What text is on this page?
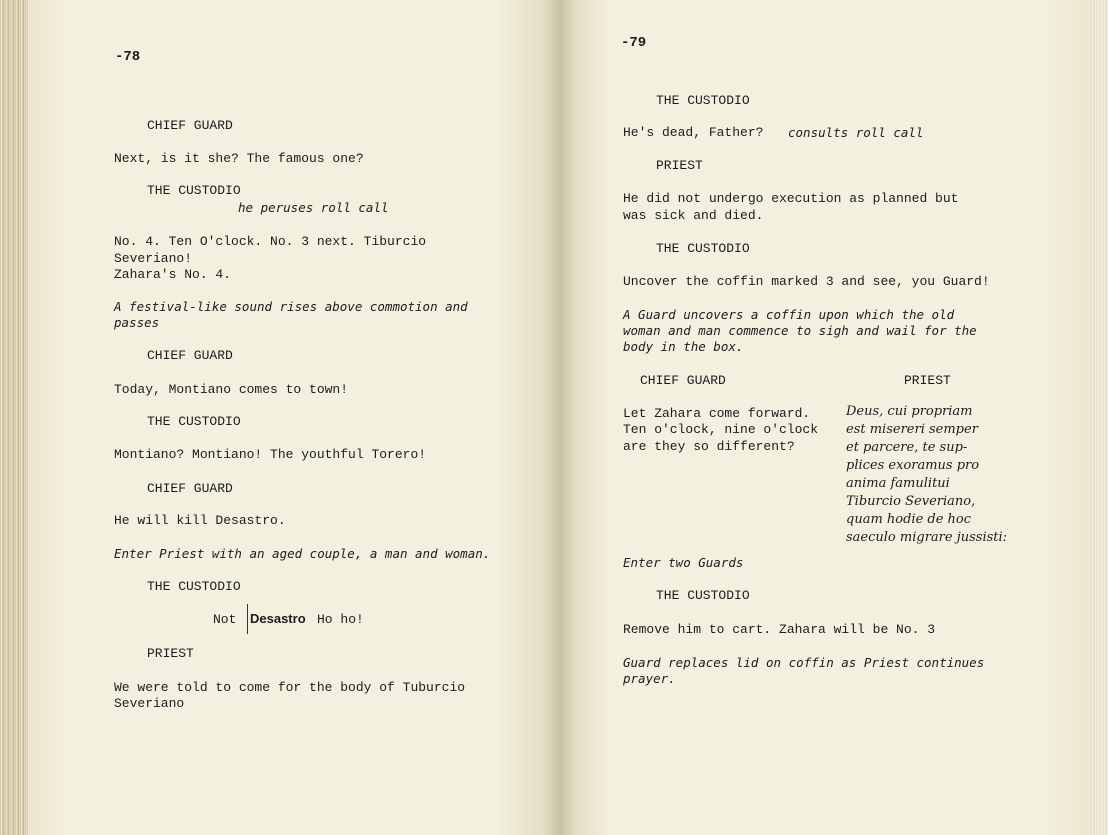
-78
CHIEF GUARD
Next, is it she? The famous one?
THE CUSTODIO
he peruses roll call
No. 4. Ten O'clock. No. 3 next. Tiburcio
Severiano!
Zahara's No. 4.
A festival-like sound rises above commotion and
passes
CHIEF GUARD
Today, Montiano comes to town!
THE CUSTODIO
Montiano? Montiano! The youthful Torero!
CHIEF GUARD
He will kill Desastro.
Enter Priest with an aged couple, a man and woman.
THE CUSTODIO
Not Desastro Ho ho!
PRIEST
We were told to come for the body of Tuburcio
Severiano
-79
THE CUSTODIO
He's dead, Father? consults roll call
PRIEST
He did not undergo execution as planned but
was sick and died.
THE CUSTODIO
Uncover the coffin marked 3 and see, you Guard!
A Guard uncovers a coffin upon which the old
woman and man commence to sigh and wail for the
body in the box.
CHIEF GUARD	PRIEST
Let Zahara come forward.
Ten o'clock, nine o'clock
are they so different?
Deus, cui propriam
est misereri semper
et parcere, te sup-
plices exoramus pro
anima famulitui
Tiburcio Severiano,
quam hodie de hoc
saeculo migrare jussisti:
Enter two Guards
THE CUSTODIO
Remove him to cart. Zahara will be No. 3
Guard replaces lid on coffin as Priest continues
prayer.
